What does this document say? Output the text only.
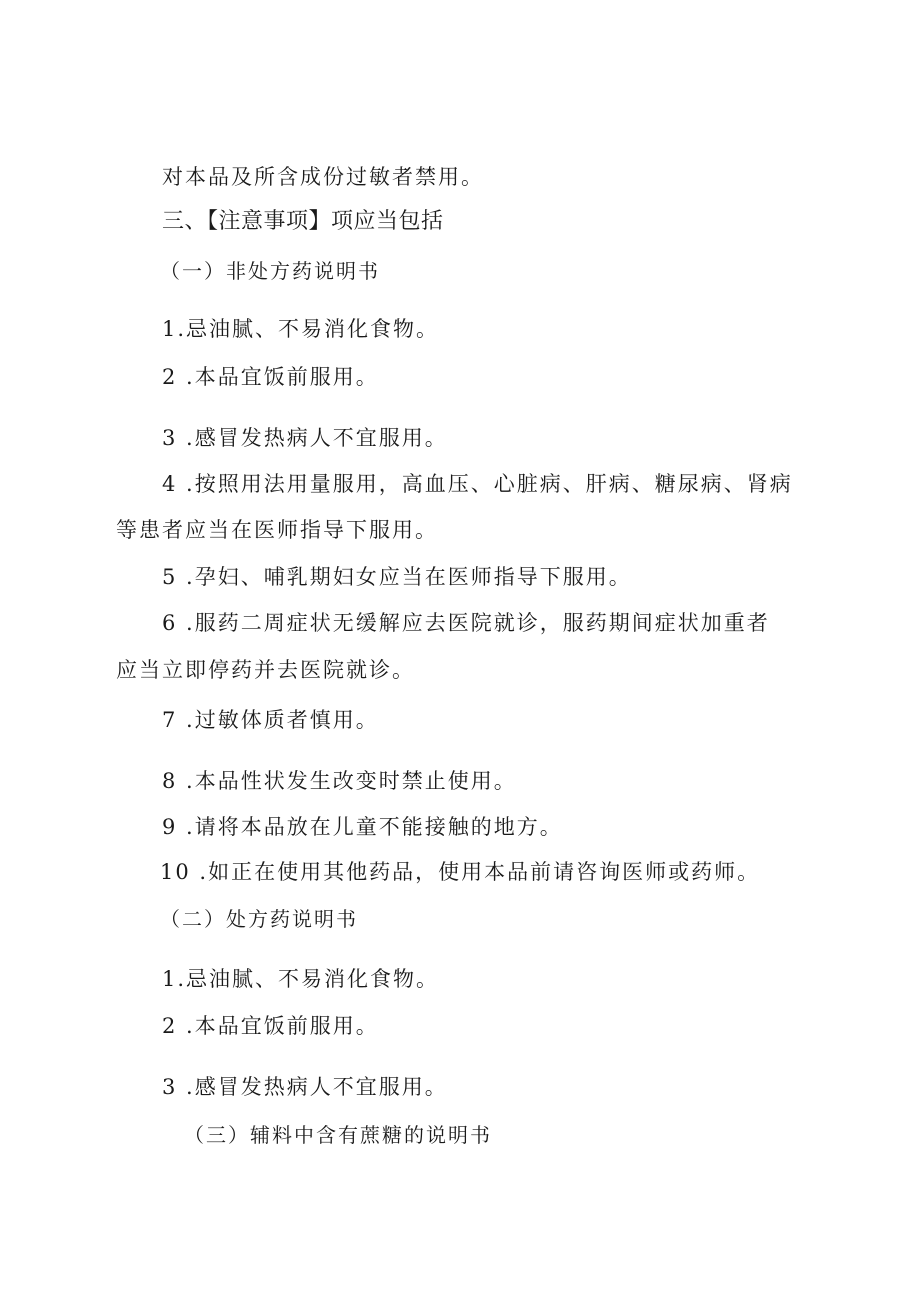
对本品及所含成份过敏者禁用。
三、【注意事项】项应当包括
（一）非处方药说明书
1.忌油腻、不易消化食物。
2 .本品宜饭前服用。
3 .感冒发热病人不宜服用。
4 .按照用法用量服用，高血压、心脏病、肝病、糖尿病、肾病
等患者应当在医师指导下服用。
5 .孕妇、哺乳期妇女应当在医师指导下服用。
6 .服药二周症状无缓解应去医院就诊，服药期间症状加重者
应当立即停药并去医院就诊。
7 .过敏体质者慎用。
8 .本品性状发生改变时禁止使用。
9 .请将本品放在儿童不能接触的地方。
10 .如正在使用其他药品，使用本品前请咨询医师或药师。
（二）处方药说明书
1.忌油腻、不易消化食物。
2 .本品宜饭前服用。
3 .感冒发热病人不宜服用。
（三）辅料中含有蔗糖的说明书
